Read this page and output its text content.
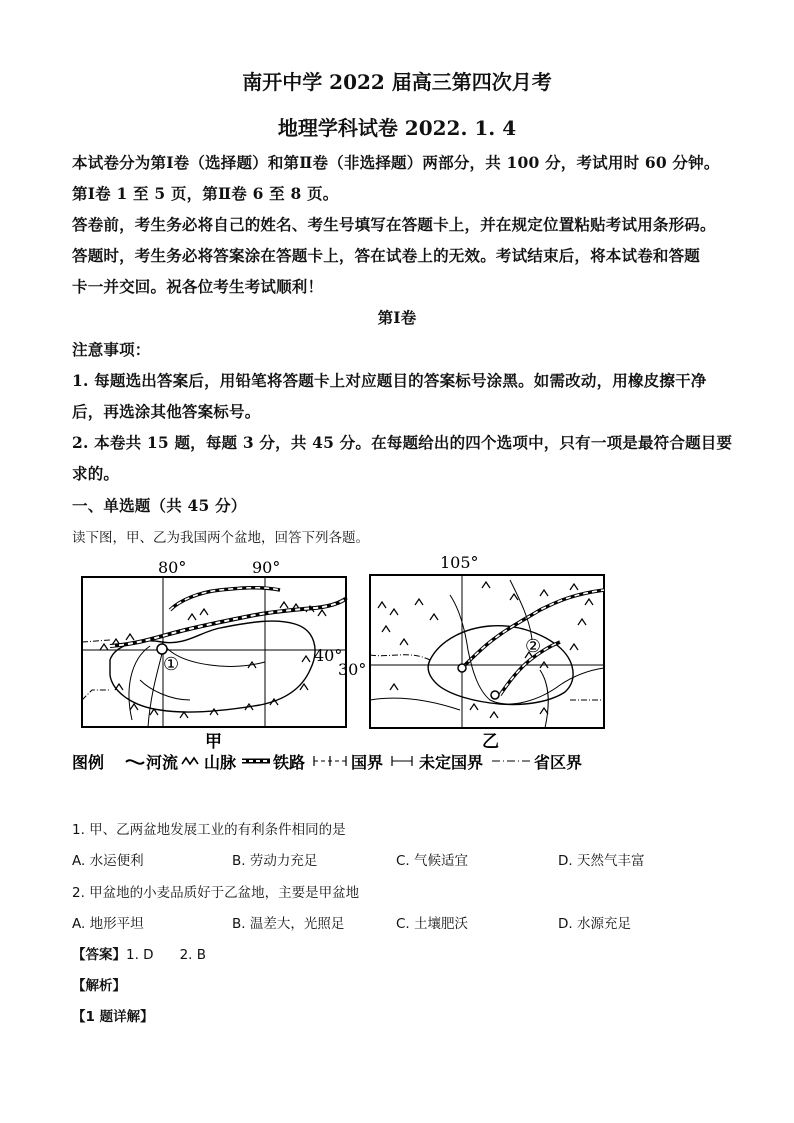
南开中学 2022 届高三第四次月考
地理学科试卷 2022. 1. 4
本试卷分为第Ⅰ卷（选择题）和第Ⅱ卷（非选择题）两部分，共 100 分，考试用时 60 分钟。
第Ⅰ卷 1 至 5 页，第Ⅱ卷 6 至 8 页。
答卷前，考生务必将自己的姓名、考生号填写在答题卡上，并在规定位置粘贴考试用条形码。
答题时，考生务必将答案涂在答题卡上，答在试卷上的无效。考试结束后，将本试卷和答题
卡一并交回。祝各位考生考试顺利！
第Ⅰ卷
注意事项：
1. 每题选出答案后，用铅笔将答题卡上对应题目的答案标号涂黑。如需改动，用橡皮擦干净
后，再选涂其他答案标号。
2. 本卷共 15 题，每题 3 分，共 45 分。在每题给出的四个选项中，只有一项是最符合题目要
求的。
一、单选题（共 45 分）
读下图，甲、乙为我国两个盆地，回答下列各题。
80°	90°
40°
①
甲
105°
30°
②
乙
图例	河流 山脉 铁路	国界 未定国界	省区界
1. 甲、乙两盆地发展工业的有利条件相同的是
A. 水运便利	B. 劳动力充足	C. 气候适宜	D. 天然气丰富
2. 甲盆地的小麦品质好于乙盆地，主要是甲盆地
A. 地形平坦	B. 温差大，光照足	C. 土壤肥沃	D. 水源充足
【答案】1. D 2. B
【解析】
【1 题详解】
